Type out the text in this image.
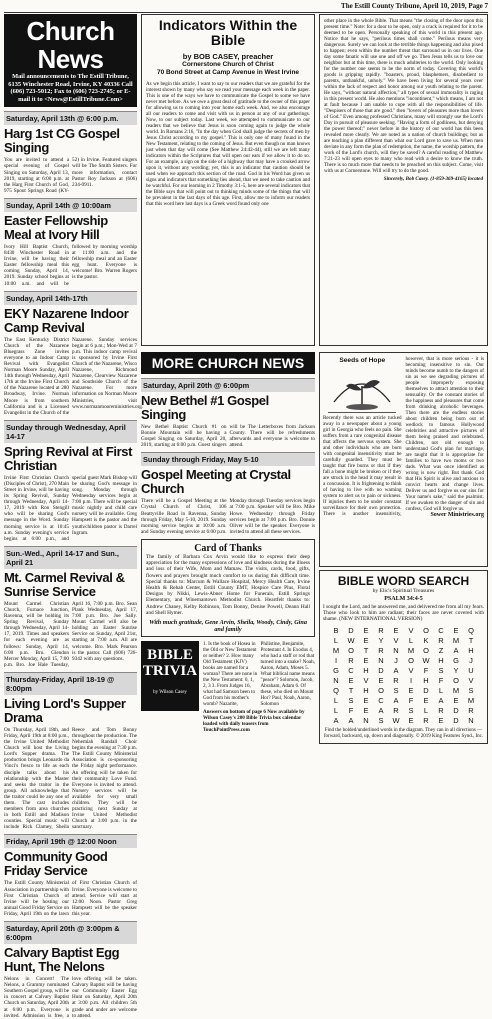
The Estill County Tribune, April 10, 2019, Page 7
Church News
Mail announcements to The Estill Tribune, 6135 Winchester Road, Irvine, KY 40336 Call (606) 723-5012; Fax to (606) 723-2745; or E-mail it to <News@EstillTribune.Com>
Saturday, April 13th @ 6:00 p.m.
Harg 1st CG Gospel Singing
You are invited to attend a special evening of Gospel Singing on Saturday, April 13, 2019, starting at 6:00 p.m. at the Harg First Church of God, 975 Spout Springs Road (KY-52) in Irvine. Featured singers will be The Smith Sisters. For more information, contact Pastor Roy Jackson at (606) 234-0911.
Sunday, April 14th @ 10:00am
Easter Fellowship Meal at Ivory Hill
Ivory Hill Baptist Church, 8430 Winchester Road in Irvine, will be having their Easter fellowship meal this coming Sunday, April 14, 2019. Sunday school begins at 10:00 a.m. and will be followed by morning worship at 11:00 a.m. and the fellowship meal and an Easter egg hunt. Everyone is welcome! Bro. Warren Rogers is the pastor.
Sunday, April 14th-17th
EKY Nazarene Indoor Camp Revival
The East Kentucky District Church of the Nazarene Bluegrass Zone invites everyone to an Indoor Camp Revival with Evangelist Norman Moore Sunday, April 14th through Wednesday, April 17th at the Irvine First Church of the Nazarene located at 280 Broadway, Irvine. Norman Moore is from southern California and is a Licensed Evangelist in the Church of the Nazarene. Sunday services begin at 6 p.m.; Mon-Wed at 7 p.m. This indoor camp revival is sponsored by Irvine First Church of the Nazarene, Wisco Nazarene, Richmond Nazarene, Clearview Nazarene and Southside Church of the Nazarene. For more information on Norman Moore Ministries, visit www.normanmooreministries.org.
Sunday through Wednesday, April 14-17
Spring Revival at First Christian
Irvine First Christian Church (Disciples of Christ), 270 Main Street in Irvine, will be having its Spring Revival, Sunday through Wednesday, April 14-17, 2019 with Ron Stengill who will be sharing God's message in the Word. Sunday morning service is at 10:45 a.m. Sunday evening's service begins at 6:00 p.m., and special guest Mark Bishop will be sharing God's message in song. Monday through Wednesday services begin at 7:00 p.m. There will be special music nightly and child care nursery will be available. Greg Hampsett is the pastor and the youth/children pastor is Darrel Ingram.
Sun.-Wed., April 14-17 and Sun., April 21
Mt. Carmel Revival & Sunrise Service
Mount Carmel Christian Church, Furnace Junction, Ravenna, will be holding its Spring Revival, Sunday through Wednesday, April 14-17, 2019. Times and speakers for each evening are as follows: Sunday, April 14, 6:00 p.m. Bro. Glendon Mercer Monday, April 15, 7:00 p.m. Bro. Joe Hale Tuesday, April 16, 7:00 p.m. Bro. Sean Plank Wednesday, April 17, 7:00 p.m. Bro. Joe Sally. Mount Carmel will also be holding an Easter Sunrise Service on Sunday, April 21st, starting at 7:00 a.m. All are welcome. Bro. Mark Pearson is the pastor. Call (606) 726-9342 with any questions.
Thursday-Friday, April 18-19 @ 8:00pm
Living Lord's Supper Drama
On Thursday, April 18th, and Friday, April 19th at 8:00 p.m., the Irvine United Methodist Church will host the Living Lord's Supper drama. The production brings Leonardo da Vinci's fresco to life as each disciple talks about his relationship with the Master and seeks the traitor in the group. All acknowledge that the traitor could be any one of them. The cast includes members from area churches in both Estill and Madison counties. Special music will include Rick Clamey, Sheila Reece and Tom Bonny throughout the production. The Nehemiah Randall Choir begins the evening at 7:30 p.m. The Estill County Ministerial Association is co-sponsoring the Friday night performance. An offering will be taken for their community Love Fund. Everyone is invited to attend. Nursery services will be available for very small children. They will be practicing next Sunday at Irvine United Methodist Church at 3:00 p.m. in the sanctuary.
Friday, April 19th @ 12:00 Noon
Community Good Friday Service
The Estill County Ministerial Association in partnership with First Christian Church of Irvine will be hosting our annual Good Friday Service on Friday, April 19th on the lawn of First Christian Church of Irvine. Everyone is welcome to attend. Service will start at 12:00 Noon. Pastor Greg Hampsett will be the speaker this year.
Saturday, April 20th @ 3:00pm & 6:00pm
Calvary Baptist Egg Hunt, The Nelons
Nelons in Concert! The Nelons, a Grammy nominated Southern Gospel group, will be in concert at Calvary Baptist Church on Saturday, April 20th at 6:00 p.m. Everyone is invited. Admission is free, a love offering will be taken. Calvary Baptist will be having our Community Easter Egg Hunt on Saturday, April 20th at 3:00 p.m. All children 5th grade and under are welcome to attend.
Indicators Within the Bible
by BOB CASEY, preacher
Cornerstone Church of Christ
70 Bond Street at Camp Avenue in West Irvine
As we begin this article, I want to say to our readers that we are grateful for the interest shown by many who say we read your message each week in the paper. This is one of the ways we have to communicate the Gospel to some we have never met before. As we owe a great deal of gratitude to the owner of this paper for allowing us to coming into your home each week. And, we also encourage all our readers to come and visit with us in person at any of our gatherings. Now, to our subject today. Last week, we attempted to communicate to our readers that we believe that Jesus is soon coming again to judge the whole world. In Romans 2:16, "In the day when God shall judge the secrets of men by Jesus Christ according to my gospel." This is only one of many found in the New Testament, relating to the coming of Jesus. But even though no man knows just when that day will come (See Matthew 24:42-44), still we are left many indicators within the Scriptures that will open our ears if we allow it to do so. For an example, a sign on the side of a highway that may have a crooked arrow upon it, without any wording; yet, this is an indicator that caution should be used when we approach this section of the road. God in his Word has given us signs and indicators that something lies ahead, that we need to take caution and be watchful. For our learning in 2 Timothy 3:1-5, here are several indicators that the Bible says that will point out to thinking minds some of the things that will be prevalent in the last days of this age. First, allow me to inform our readers that this word here last days is a Greek word found only one
other place in the whole Bible. That means "the closing of the door upon this present time." Note: for a door to be open, only a crack is required for it to be deemed to be open. Personally speaking of this world in this present age. Notice that he says, "perilous times shall come." Perilous means very dangerous. Surely we can look at the terrible things happening and also pixed to happen; even within the number threat that surround us in our lives. One day some fanatic will use one and off we go. Then Jesus tells us to love our neighbor but at this time, there is much adulteries to the world. Only looking for the number one seems to be the norm of today. Covering this world's goods is gripping rapidly. "boasters, proud, blasphemers, disobedient to parents, unthankful, unholy." We have been living for several years over within the lack of respect and honor among our youth relating to the parent. He says, "without natural affection," all types of sexual immorality is raging in this present world. He also mentions "incontinent," which means, I am not at fault because I am unable to cope with all the responsibilities of life. "Despisers of those that are good." then "lovers of pleasures more than lovers of God." Even among professed Christians, many will strongly use the Lord's Day in pursuit of pleasure seeking. "Having a form of godliness, but denying the power thereof;" never before in the history of our world has this been revealed more clearly. We are noted as a nation of church buildings; but as are teaching a plan different than what our Lord gave to save us. When men deviate in any form the plan of redemption, the name, the worship pattern, the work of the Lord's church, will they be saved? A careful reading of Matthew 7:21-23 will open eyes to many who read with a desire to know the truth. There is so much more that needs to be preached on this subject. Come, visit with us at Cornerstone. Will will try to do the good.
Sincerely, Bob Casey. (1-859-369-4165) located
MORE CHURCH NEWS
Saturday, April 20th @ 6:00pm
New Bethel #1 Gospel Singing
New Bethel Baptist Church #1 on Bonnie Mountain will be having a Gospel Singing on Saturday, April 20, 2019, starting at 6:00 p.m. Guest singers will be The Letterboxes from Jackson County. There will be refreshments afterwards and everyone is welcome to attend.
Sunday through Friday, May 5-10
Gospel Meeting at Crystal Church
There will be a Gospel Meeting at the Crystal Church of Christ, 106 Beattyville Road in Ravenna, Sunday through Friday, May 5-10, 2019. Sunday morning service begins at 10:00 a.m. and Sunday evening service at 6:00 p.m. Monday through Tuesday services begin at 7:00 p.m. Speaker will be Bro. Mike Howe. Wednesday through Friday services begin at 7:00 p.m. Bro. Donnie Oliver will be the speaker. Everyone is invited to attend all these services.
Card of Thanks
The family of Barbara Cox Arvin would like to express their deep appreciation for the many expressions of love and kindness during the illness and loss of their Wife, Mom and Mamaw. The visits, cards, food, gifts, flowers and prayers brought much comfort to us during this difficult time. Special thanks to: Marcum & Wallace Hospital, Mercy Health Care, Irvine Health & Rehab Center, Estill County EMT, Hospice Care Plus, Floral Designs by Nikki, Lewis-Abner Home for Funerals, Estill Springs Elementary, and Winemantown Methodist Church. Heartfelt thanks to: Andrew Chaney, Kelby Robinson, Tom Bonny, Denise Powell, Deann Hall and Shell Hymer.
With much gratitude, Gene Arvin, Sheila, Woody, Cindy, Gina and family
BIBLE TRIVIA
by Wilson Casey
1. Is the book of Hosea in the Old or New Testament or neither? 2. How many Old Testament (KJV) books are named for a woman? There are none in the New Testament: 0, 1, 2, 3 3. From Judges 16, what had Samson been to God from his mother's womb? Nazarite, Philistine, Benjamite, Protestant 4. In Exodus 4, who had a staff or rod that turned into a snake? Noah, Aaron, Adam, Moses 5. What biblical name means "peace"? Solomon, Jacob, Abraham, Adam 6. Of these, who died on Mount Hor? Paul, Noah, Aaron, Solomon
Answers on bottom of page 6 Now available by Wilson Casey's 200 Bible Trivia box calendar loaded with daily teasers from TouchPointPress.com
Seeds of Hope
Recently there was an article tucked away in a newspaper about a young girl in Georgia who feels no pain. She suffers from a rare congenital disease that affects the nervous system. She and other individuals who are born with congenital insensitivity must be carefully guarded. They must be taught that fire burns or that if they fall a bone might be broken or if they are struck in the head it may result in a concussion. It is frightening to think of having to live with no warning system to alert us to pain or sickness. If injuries them to be under constant surveillance for their own protection. There is another insensitivity, however, that is more serious - it is becoming insensitive to sin. Our minds become numb to the dangers of sin as we see degrading pictures of people improperly exposing themselves to attract attention to their sensuality. Or the constant stories of the happiness and pleasures that come from drinking alcoholic beverages. Then there are the endless stories about children being born out of wedlock to famous Hollywood celebrities and attractive pictures of them being praised and celebrated. Children, not old enough to understand God's plan for marriage, are taught that it is appropriate for families to have two moms or two dads. What was once identified as wrong is now right. But thank God that His Spirit is alive and anxious to convict hearts and change lives. Deliver us and forgive us our sins for Your name's sake," said the psalmist. If we awaken to the danger of sin and confess, God will forgive us.
Sower Ministries.org
BIBLE WORD SEARCH
by Elic's Spiritual Treasures
PSALM 34:4-5
I sought the Lord, and he answered me, and delivered me from all my fears. Those who look to him are radiant; their faces are never covered with shame. (NEW INTERNATIONAL VERSION)
B	D	E	R	E	V	O	C	E	Q
L	W	E	Y	V	L	K	R	M	T
M	O	T	R	N	M	O	Z	A	H
I	R	E	N	J	O	W	H	G	J
G	C	H	D	A	V	F	S	Y	U
N	E	V	E	R	I	H	F	O	V
Q	T	H	O	S	E	D	L	M	S
L	S	E	C	A	F	E	A	E	M
L	F	E	A	R	S	L	R	D	R
A	A	N	S	W	E	R	E	D	N
Find the bolded/underlined words in the diagram. They can in all directions — forward, backward, up, down and diagonally. © 2019 King Features Synd., Inc.
